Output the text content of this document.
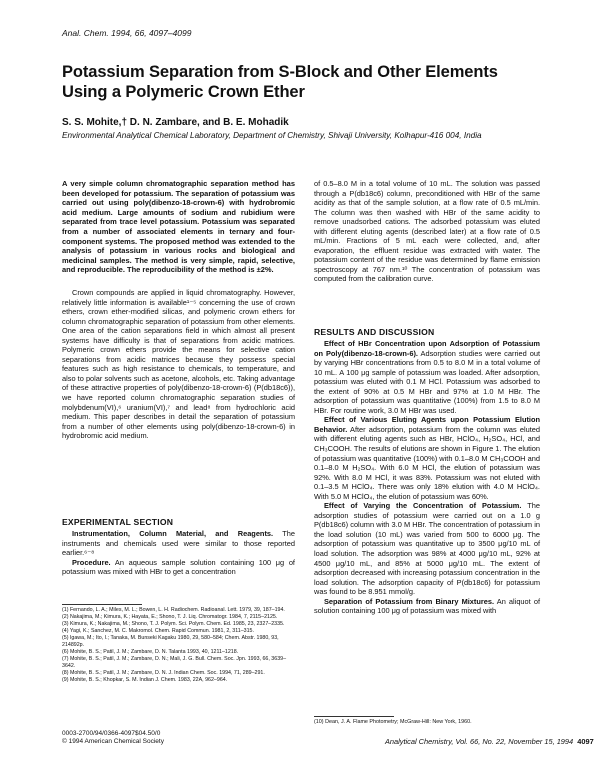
Anal. Chem. 1994, 66, 4097–4099
Potassium Separation from S-Block and Other Elements Using a Polymeric Crown Ether
S. S. Mohite,† D. N. Zambare, and B. E. Mohadik
Environmental Analytical Chemical Laboratory, Department of Chemistry, Shivaji University, Kolhapur-416 004, India

A very simple column chromatographic separation method has been developed for potassium. The separation of potassium was carried out using poly(dibenzo-18-crown-6) with hydrobromic acid medium. Large amounts of sodium and rubidium were separated from trace level potassium. Potassium was separated from a number of associated elements in ternary and four-component systems. The proposed method was extended to the analysis of potassium in various rocks and biological and medicinal samples. The method is very simple, rapid, selective, and reproducible. The reproducibility of the method is ±2%.

Crown compounds are applied in liquid chromatography. However, relatively little information is available¹⁻⁵ concerning the use of crown ethers, crown ether-modified silicas, and polymeric crown ethers for column chromatographic separation of potassium from other elements. One area of the cation separations field in which almost all present systems have difficulty is that of separations from acidic matrices. Polymeric crown ethers provide the means for selective cation separations from acidic matrices because they possess special features such as high resistance to chemicals, to temperature, and also to polar solvents such as acetone, alcohols, etc. Taking advantage of these attractive properties of poly(dibenzo-18-crown-6) (P(db18c6)), we have reported column chromatographic separation studies of molybdenum(VI),⁶ uranium(VI),⁷ and lead⁸ from hydrochloric acid medium. This paper describes in detail the separation of potassium from a number of other elements using poly(dibenzo-18-crown-6) in hydrobromic acid medium.

EXPERIMENTAL SECTION

Instrumentation, Column Material, and Reagents. The instruments and chemicals used were similar to those reported earlier.⁶⁻⁸

Procedure. An aqueous sample solution containing 100 μg of potassium was mixed with HBr to get a concentration

(1) Fernando, L. A.; Miles, M. L.; Bowen, L. H. Radiochem. Radioanal. Lett. 1979, 39, 187–194.
(2) Nakajima, M.; Kimura, K.; Hayata, E.; Shono, T. J. Liq. Chromatogr. 1984, 7, 2115–2125.
(3) Kimura, K.; Nakajima, M.; Shono, T. J. Polym. Sci. Polym. Chem. Ed. 1985, 23, 2327–2335.
(4) Yagi, K.; Sanchez, M. C. Makromol. Chem. Rapid Commun. 1981, 2, 311–315.
(5) Igawa, M.; Ito, I.; Tanaka, M. Bunseki Kagaku 1980, 29, 580–584; Chem. Abstr. 1980, 93, 214892p.
(6) Mohite, B. S.; Patil, J. M.; Zambare, D. N. Talanta 1993, 40, 1211–1218.
(7) Mohite, B. S.; Patil, J. M.; Zambare, D. N.; Mali, J. G. Bull. Chem. Soc. Jpn. 1993, 66, 3639–3642.
(8) Mohite, B. S.; Patil, J. M.; Zambare, D. N. J. Indian Chem. Soc. 1994, 71, 289–291.
(9) Mohite, B. S.; Khopkar, S. M. Indian J. Chem. 1983, 22A, 962–964.
0003-2700/94/0366-4097$04.50/0
© 1994 American Chemical Society

of 0.5–8.0 M in a total volume of 10 mL. The solution was passed through a P(db18c6) column, preconditioned with HBr of the same acidity as that of the sample solution, at a flow rate of 0.5 mL/min. The column was then washed with HBr of the same acidity to remove unadsorbed cations. The adsorbed potassium was eluted with different eluting agents (described later) at a flow rate of 0.5 mL/min. Fractions of 5 mL each were collected, and, after evaporation, the effluent residue was extracted with water. The potassium content of the residue was determined by flame emission spectroscopy at 767 nm.¹⁰ The concentration of potassium was computed from the calibration curve.

RESULTS AND DISCUSSION

Effect of HBr Concentration upon Adsorption of Potassium on Poly(dibenzo-18-crown-6). Adsorption studies were carried out by varying HBr concentrations from 0.5 to 8.0 M in a total volume of 10 mL. A 100 μg sample of potassium was loaded. After adsorption, potassium was eluted with 0.1 M HCl. Potassium was adsorbed to the extent of 90% at 0.5 M HBr and 97% at 1.0 M HBr. The adsorption of potassium was quantitative (100%) from 1.5 to 8.0 M HBr. For routine work, 3.0 M HBr was used.

Effect of Various Eluting Agents upon Potassium Elution Behavior. After adsorption, potassium from the column was eluted with different eluting agents such as HBr, HClO₄, H₂SO₄, HCl, and CH₃COOH. The results of elutions are shown in Figure 1. The elution of potassium was quantitative (100%) with 0.1–8.0 M CH₃COOH and 0.1–8.0 M H₂SO₄. With 6.0 M HCl, the elution of potassium was 92%. With 8.0 M HCl, it was 83%. Potassium was not eluted with 0.1–3.5 M HClO₄. There was only 18% elution with 4.0 M HClO₄. With 5.0 M HClO₄, the elution of potassium was 60%.

Effect of Varying the Concentration of Potassium. The adsorption studies of potassium were carried out on a 1.0 g P(db18c6) column with 3.0 M HBr. The concentration of potassium in the load solution (10 mL) was varied from 500 to 6000 μg. The adsorption of potassium was quantitative up to 3500 μg/10 mL of load solution. The adsorption was 98% at 4000 μg/10 mL, 92% at 4500 μg/10 mL, and 85% at 5000 μg/10 mL. The extent of adsorption decreased with increasing potassium concentration in the load solution. The adsorption capacity of P(db18c6) for potassium was found to be 8.951 mmol/g.

Separation of Potassium from Binary Mixtures. An aliquot of solution containing 100 μg of potassium was mixed with

(10) Dean, J. A. Flame Photometry; McGraw-Hill: New York, 1960.
Analytical Chemistry, Vol. 66, No. 22, November 15, 1994 4097
